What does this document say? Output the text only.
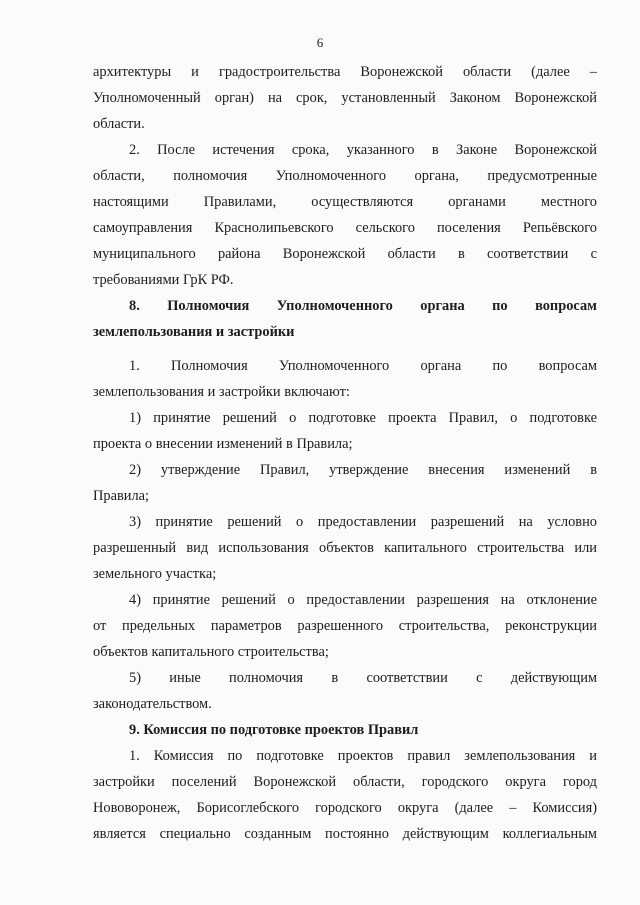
6
архитектуры и градостроительства Воронежской области (далее –
Уполномоченный орган) на срок, установленный Законом Воронежской
области.
2. После истечения срока, указанного в Законе Воронежской
области, полномочия Уполномоченного органа, предусмотренные
настоящими Правилами, осуществляются органами местного
самоуправления Краснолипьевского сельского поселения Репьёвского
муниципального района Воронежской области в соответствии с
требованиями ГрК РФ.
8. Полномочия Уполномоченного органа по вопросам
землепользования и застройки
1. Полномочия Уполномоченного органа по вопросам
землепользования и застройки включают:
1) принятие решений о подготовке проекта Правил, о подготовке
проекта о внесении изменений в Правила;
2) утверждение Правил, утверждение внесения изменений в
Правила;
3) принятие решений о предоставлении разрешений на условно
разрешенный вид использования объектов капитального строительства или
земельного участка;
4) принятие решений о предоставлении разрешения на отклонение
от предельных параметров разрешенного строительства, реконструкции
объектов капитального строительства;
5) иные полномочия в соответствии с действующим
законодательством.
9. Комиссия по подготовке проектов Правил
1. Комиссия по подготовке проектов правил землепользования и
застройки поселений Воронежской области, городского округа город
Нововоронеж, Борисоглебского городского округа (далее – Комиссия)
является специально созданным постоянно действующим коллегиальным
